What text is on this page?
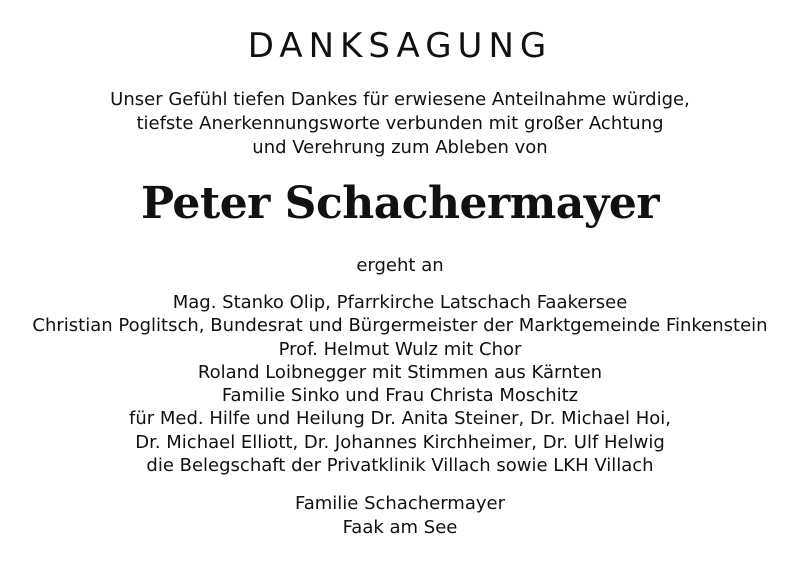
DANKSAGUNG

Unser Gefühl tiefen Dankes für erwiesene Anteilnahme würdige,
tiefste Anerkennungsworte verbunden mit großer Achtung
und Verehrung zum Ableben von

Peter Schachermayer

ergeht an

Mag. Stanko Olip, Pfarrkirche Latschach Faakersee
Christian Poglitsch, Bundesrat und Bürgermeister der Marktgemeinde Finkenstein
Prof. Helmut Wulz mit Chor
Roland Loibnegger mit Stimmen aus Kärnten
Familie Sinko und Frau Christa Moschitz
für Med. Hilfe und Heilung Dr. Anita Steiner, Dr. Michael Hoi,
Dr. Michael Elliott, Dr. Johannes Kirchheimer, Dr. Ulf Helwig
die Belegschaft der Privatklinik Villach sowie LKH Villach

Familie Schachermayer
Faak am See
